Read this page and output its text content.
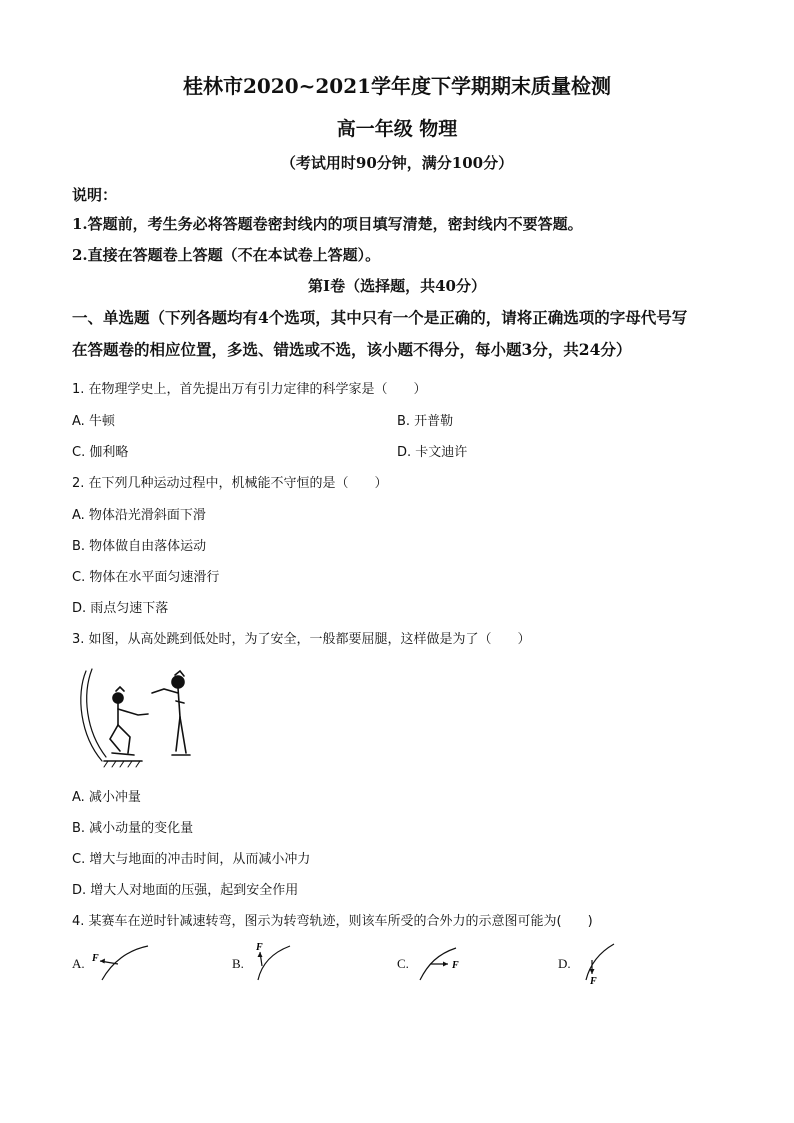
桂林市2020~2021学年度下学期期末质量检测
高一年级 物理
（考试用时90分钟，满分100分）
说明：
1.答题前，考生务必将答题卷密封线内的项目填写清楚，密封线内不要答题。
2.直接在答题卷上答题（不在本试卷上答题）。
第I卷（选择题，共40分）
一、单选题（下列各题均有4个选项，其中只有一个是正确的，请将正确选项的字母代号写
在答题卷的相应位置，多选、错选或不选，该小题不得分，每小题3分，共24分）
1. 在物理学史上，首先提出万有引力定律的科学家是（　　）
A. 牛顿	B. 开普勒
C. 伽利略	D. 卡文迪许
2. 在下列几种运动过程中，机械能不守恒的是（　　）
A. 物体沿光滑斜面下滑
B. 物体做自由落体运动
C. 物体在水平面匀速滑行
D. 雨点匀速下落
3. 如图，从高处跳到低处时，为了安全，一般都要屈腿，这样做是为了（　　）
A. 减小冲量
B. 减小动量的变化量
C. 增大与地面的冲击时间，从而减小冲力
D. 增大人对地面的压强，起到安全作用
4. 某赛车在逆时针减速转弯，图示为转弯轨迹，则该车所受的合外力的示意图可能为(　　)
A. F	B.
F
C.	F	D.
F
